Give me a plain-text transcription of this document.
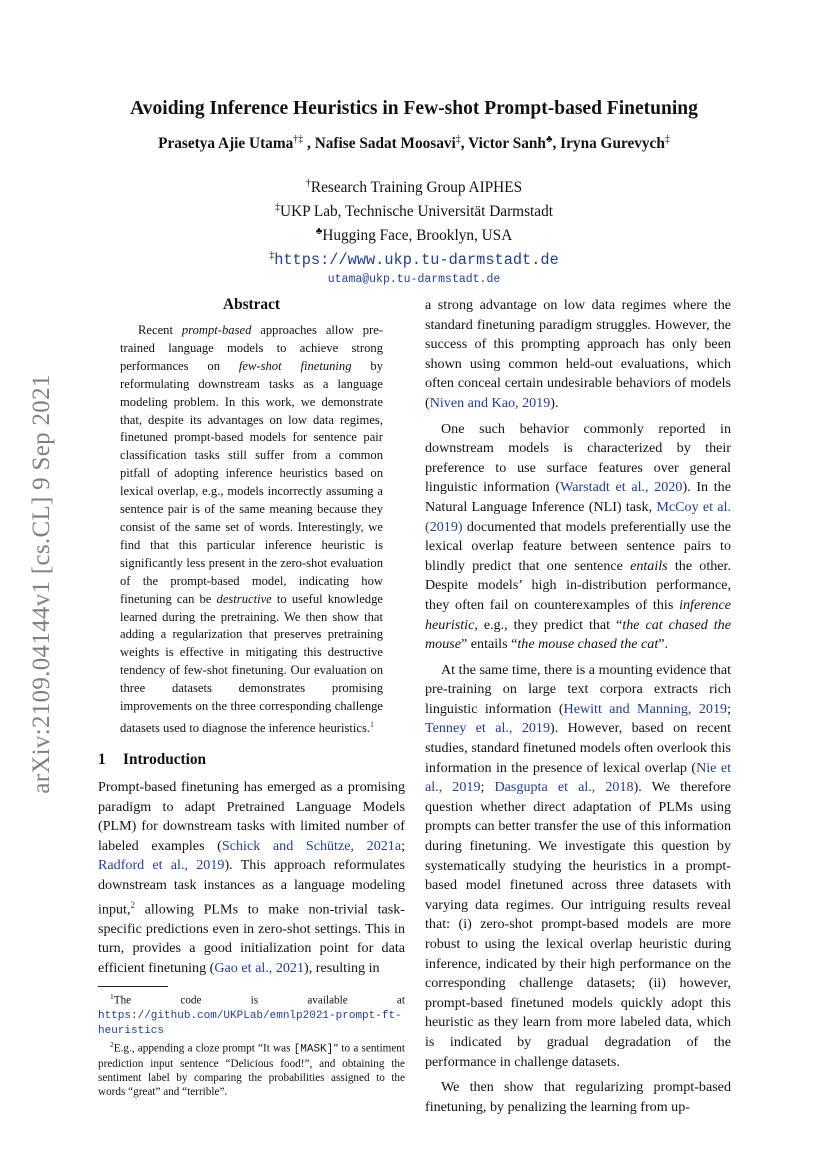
arXiv:2109.04144v1 [cs.CL] 9 Sep 2021
Avoiding Inference Heuristics in Few-shot Prompt-based Finetuning
Prasetya Ajie Utama†‡ , Nafise Sadat Moosavi‡, Victor Sanh♣, Iryna Gurevych‡
†Research Training Group AIPHES
‡UKP Lab, Technische Universität Darmstadt
♣Hugging Face, Brooklyn, USA
‡https://www.ukp.tu-darmstadt.de
utama@ukp.tu-darmstadt.de
Abstract

Recent prompt-based approaches allow pre-trained language models to achieve strong performances on few-shot finetuning by reformulating downstream tasks as a language modeling problem. In this work, we demonstrate that, despite its advantages on low data regimes, finetuned prompt-based models for sentence pair classification tasks still suffer from a common pitfall of adopting inference heuristics based on lexical overlap, e.g., models incorrectly assuming a sentence pair is of the same meaning because they consist of the same set of words. Interestingly, we find that this particular inference heuristic is significantly less present in the zero-shot evaluation of the prompt-based model, indicating how finetuning can be destructive to useful knowledge learned during the pretraining. We then show that adding a regularization that preserves pretraining weights is effective in mitigating this destructive tendency of few-shot finetuning. Our evaluation on three datasets demonstrates promising improvements on the three corresponding challenge datasets used to diagnose the inference heuristics.$^1$

1 Introduction

Prompt-based finetuning has emerged as a promising paradigm to adapt Pretrained Language Models (PLM) for downstream tasks with limited number of labeled examples (Schick and Schütze, 2021a; Radford et al., 2019). This approach reformulates downstream task instances as a language modeling input,$^2$ allowing PLMs to make non-trivial task-specific predictions even in zero-shot settings. This in turn, provides a good initialization point for data efficient finetuning (Gao et al., 2021), resulting in

$^1$The code is available at https://github.com/UKPLab/emnlp2021-prompt-ft-heuristics

$^2$E.g., appending a cloze prompt “It was [MASK]” to a sentiment prediction input sentence “Delicious food!”, and obtaining the sentiment label by comparing the probabilities assigned to the words “great” and “terrible”.

a strong advantage on low data regimes where the standard finetuning paradigm struggles. However, the success of this prompting approach has only been shown using common held-out evaluations, which often conceal certain undesirable behaviors of models (Niven and Kao, 2019).

One such behavior commonly reported in downstream models is characterized by their preference to use surface features over general linguistic information (Warstadt et al., 2020). In the Natural Language Inference (NLI) task, McCoy et al. (2019) documented that models preferentially use the lexical overlap feature between sentence pairs to blindly predict that one sentence entails the other. Despite models’ high in-distribution performance, they often fail on counterexamples of this inference heuristic, e.g., they predict that “the cat chased the mouse” entails “the mouse chased the cat”.

At the same time, there is a mounting evidence that pre-training on large text corpora extracts rich linguistic information (Hewitt and Manning, 2019; Tenney et al., 2019). However, based on recent studies, standard finetuned models often overlook this information in the presence of lexical overlap (Nie et al., 2019; Dasgupta et al., 2018). We therefore question whether direct adaptation of PLMs using prompts can better transfer the use of this information during finetuning. We investigate this question by systematically studying the heuristics in a prompt-based model finetuned across three datasets with varying data regimes. Our intriguing results reveal that: (i) zero-shot prompt-based models are more robust to using the lexical overlap heuristic during inference, indicated by their high performance on the corresponding challenge datasets; (ii) however, prompt-based finetuned models quickly adopt this heuristic as they learn from more labeled data, which is indicated by gradual degradation of the performance in challenge datasets.

We then show that regularizing prompt-based finetuning, by penalizing the learning from up-
